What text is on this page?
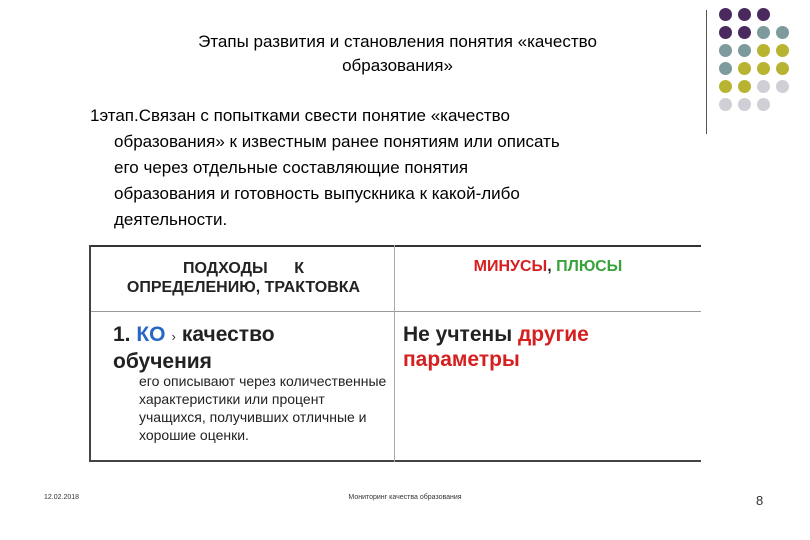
Этапы развития и становления понятия «качество
образования»
1этап.Связан с попытками свести понятие «качество
образования» к известным ранее понятиям или описать
его через отдельные составляющие понятия
образования и готовность выпускника к какой-либо
деятельности.
ПОДХОДЫ      К
ОПРЕДЕЛЕНИЮ, ТРАКТОВКА
МИНУСЫ, ПЛЮСЫ
1. КО › качество
обучения
его описывают через количественные характеристики или процент учащихся, получивших отличные и хорошие оценки.
Не учтены другие
параметры
12.02.2018	Мониторинг качества образования	8
